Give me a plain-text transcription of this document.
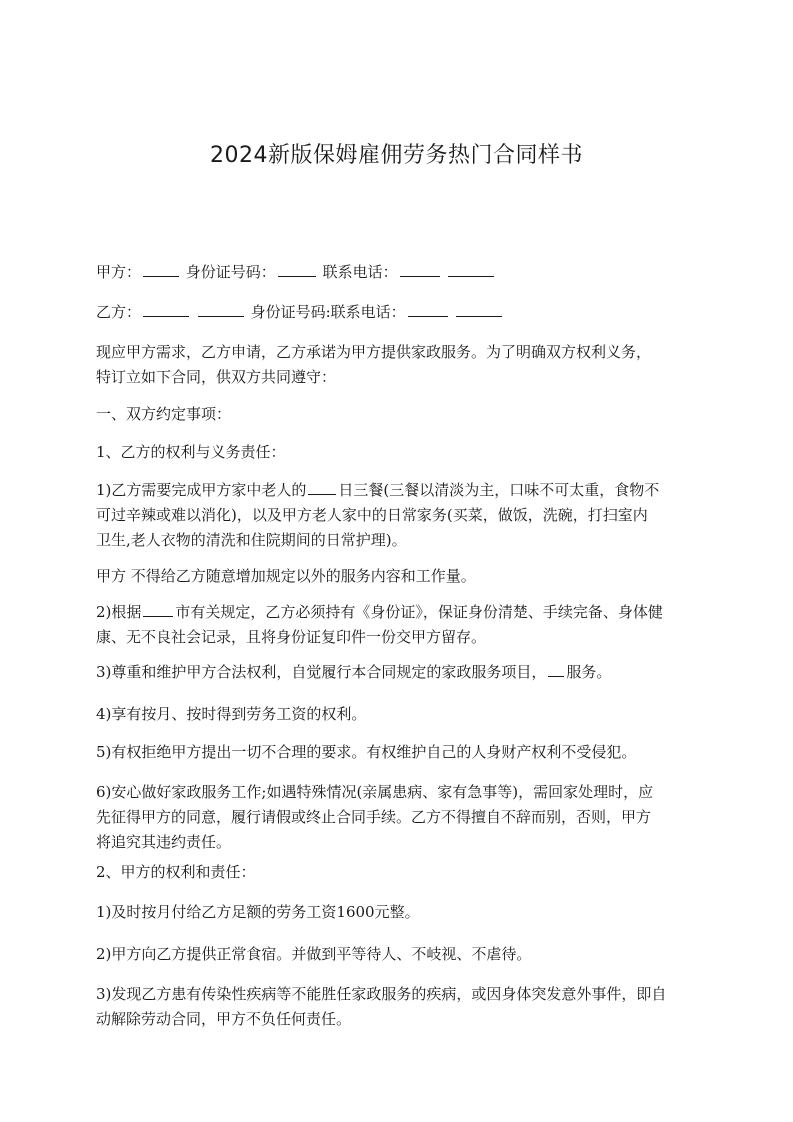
2024新版保姆雇佣劳务热门合同样书

甲方：	身份证号码：	联系电话：

乙方：	身份证号码:联系电话：

现应甲方需求，乙方申请，乙方承诺为甲方提供家政服务。为了明确双方权利义务，
特订立如下合同，供双方共同遵守：

一、双方约定事项：

1、乙方的权利与义务责任：

1)乙方需要完成甲方家中老人的 日三餐(三餐以清淡为主，口味不可太重，食物不
可过辛辣或难以消化)，以及甲方老人家中的日常家务(买菜，做饭，洗碗，打扫室内
卫生,老人衣物的清洗和住院期间的日常护理)。

甲方 不得给乙方随意增加规定以外的服务内容和工作量。

2)根据 市有关规定，乙方必须持有《身份证》，保证身份清楚、手续完备、身体健
康、无不良社会记录，且将身份证复印件一份交甲方留存。

3)尊重和维护甲方合法权利，自觉履行本合同规定的家政服务项目， 服务。

4)享有按月、按时得到劳务工资的权利。

5)有权拒绝甲方提出一切不合理的要求。有权维护自己的人身财产权利不受侵犯。

6)安心做好家政服务工作;如遇特殊情况(亲属患病、家有急事等)，需回家处理时，应
先征得甲方的同意，履行请假或终止合同手续。乙方不得擅自不辞而别，否则，甲方
将追究其违约责任。

2、甲方的权利和责任：

1)及时按月付给乙方足额的劳务工资1600元整。

2)甲方向乙方提供正常食宿。并做到平等待人、不岐视、不虐待。

3)发现乙方患有传染性疾病等不能胜任家政服务的疾病，或因身体突发意外事件，即自
动解除劳动合同，甲方不负任何责任。
